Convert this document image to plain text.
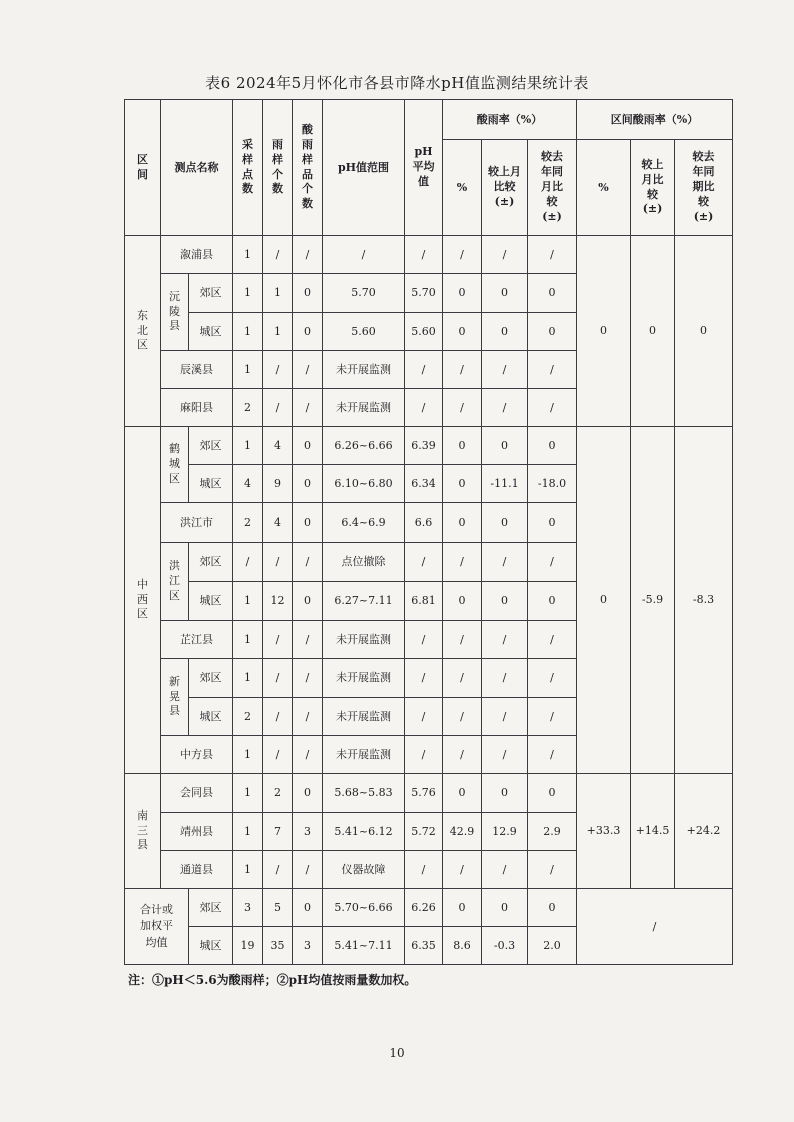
表6 2024年5月怀化市各县市降水pH值监测结果统计表
区间	测点名称		采样点数	雨样个数	酸雨样品个数	pH值范围	pH平均值	酸雨率（%）			区间酸雨率（%）		
								%	较上月比较(±)	较去年同月比较(±)	%	较上月比较(±)	较去年同期比较(±)
东北区	溆浦县		1	/	/	/	/	/	/	/	0	0	0
	沅陵县	郊区	1	1	0	5.70	5.70	0	0	0			
		城区	1	1	0	5.60	5.60	0	0	0			
	辰溪县		1	/	/	未开展监测	/	/	/	/			
	麻阳县		2	/	/	未开展监测	/	/	/	/			
中西区	鹤城区	郊区	1	4	0	6.26~6.66	6.39	0	0	0	0	-5.9	-8.3
		城区	4	9	0	6.10~6.80	6.34	0	-11.1	-18.0			
	洪江市		2	4	0	6.4~6.9	6.6	0	0	0			
	洪江区	郊区	/	/	/	点位撤除	/	/	/	/			
		城区	1	12	0	6.27~7.11	6.81	0	0	0			
	芷江县		1	/	/	未开展监测	/	/	/	/			
	新晃县	郊区	1	/	/	未开展监测	/	/	/	/			
		城区	2	/	/	未开展监测	/	/	/	/			
	中方县		1	/	/	未开展监测	/	/	/	/			
南三县	会同县		1	2	0	5.68~5.83	5.76	0	0	0	+33.3	+14.5	+24.2
	靖州县		1	7	3	5.41~6.12	5.72	42.9	12.9	2.9			
	通道县		1	/	/	仪器故障	/	/	/	/			
合计或加权平均值		郊区	3	5	0	5.70~6.66	6.26	0	0	0	/		
		城区	19	35	3	5.41~7.11	6.35	8.6	-0.3	2.0			
注：①pH＜5.6为酸雨样；②pH均值按雨量数加权。
10
